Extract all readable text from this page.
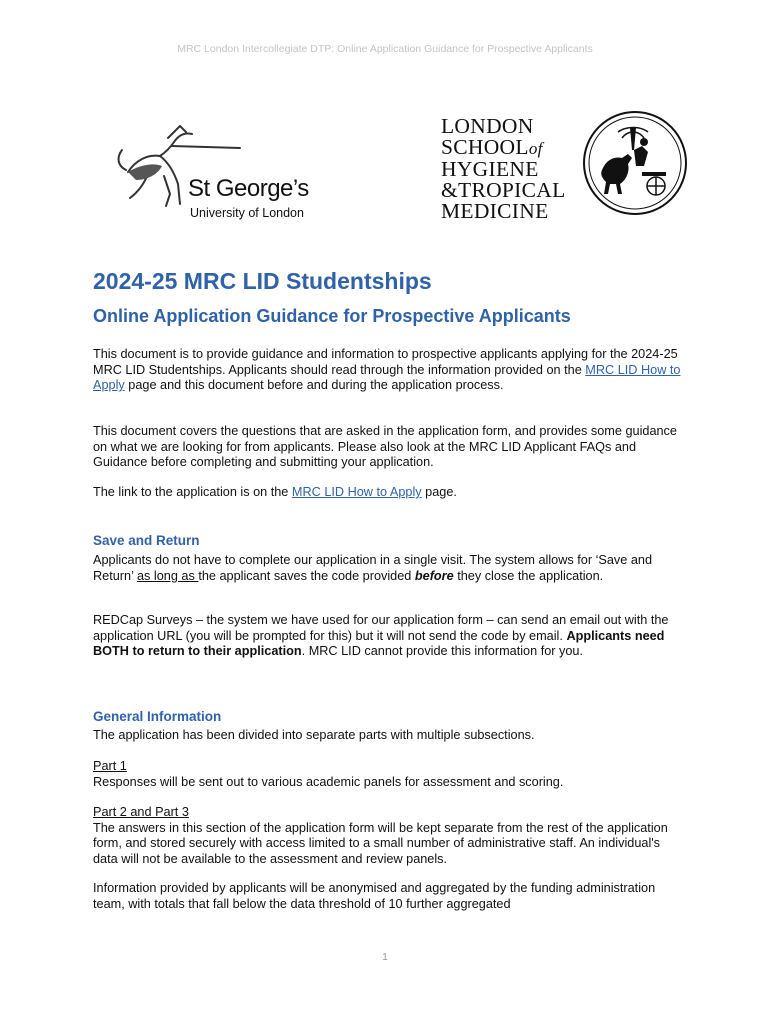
MRC London Intercollegiate DTP: Online Application Guidance for Prospective Applicants
St George’s
University of London
LONDON
SCHOOLof
HYGIENE
&TROPICAL
MEDICINE
2024-25 MRC LID Studentships
Online Application Guidance for Prospective Applicants

This document is to provide guidance and information to prospective applicants applying for the 2024-25 MRC LID Studentships. Applicants should read through the information provided on the MRC LID How to Apply page and this document before and during the application process.

This document covers the questions that are asked in the application form, and provides some guidance on what we are looking for from applicants. Please also look at the MRC LID Applicant FAQs and Guidance before completing and submitting your application.

The link to the application is on the MRC LID How to Apply page.

Save and Return

Applicants do not have to complete our application in a single visit. The system allows for ‘Save and Return’ as long as the applicant saves the code provided before they close the application.

REDCap Surveys – the system we have used for our application form – can send an email out with the application URL (you will be prompted for this) but it will not send the code by email. Applicants need BOTH to return to their application. MRC LID cannot provide this information for you.

General Information

The application has been divided into separate parts with multiple subsections.

Part 1
Responses will be sent out to various academic panels for assessment and scoring.

Part 2 and Part 3
The answers in this section of the application form will be kept separate from the rest of the application form, and stored securely with access limited to a small number of administrative staff. An individual's data will not be available to the assessment and review panels.

Information provided by applicants will be anonymised and aggregated by the funding administration team, with totals that fall below the data threshold of 10 further aggregated

1
